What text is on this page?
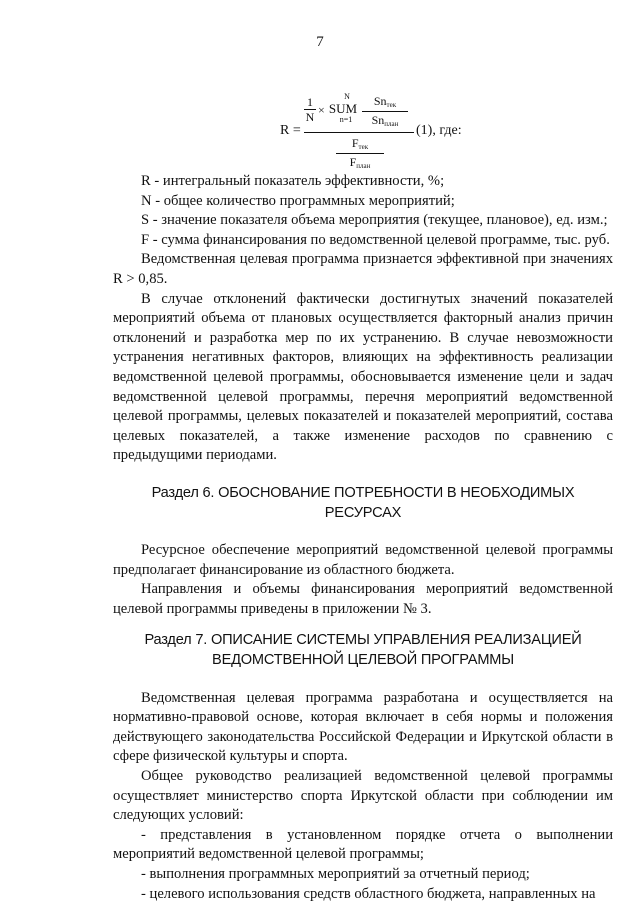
7
R =
1
N ×
N
SUM
n=1
$Sn_{тек}$
$Sn_{план}$
$F_{тек}$
$F_{план}$
(1), где:

R - интегральный показатель эффективности, %;

N - общее количество программных мероприятий;

S - значение показателя объема мероприятия (текущее, плановое), ед. изм.;

F - сумма финансирования по ведомственной целевой программе, тыс. руб.

Ведомственная целевая программа признается эффективной при значениях R > 0,85.

В случае отклонений фактически достигнутых значений показателей мероприятий объема от плановых осуществляется факторный анализ причин отклонений и разработка мер по их устранению. В случае невозможности устранения негативных факторов, влияющих на эффективность реализации ведомственной целевой программы, обосновывается изменение цели и задач ведомственной целевой программы, перечня мероприятий ведомственной целевой программы, целевых показателей и показателей мероприятий, состава целевых показателей, а также изменение расходов по сравнению с предыдущими периодами.

Раздел 6. ОБОСНОВАНИЕ ПОТРЕБНОСТИ В НЕОБХОДИМЫХ
РЕСУРСАХ

Ресурсное обеспечение мероприятий ведомственной целевой программы предполагает финансирование из областного бюджета.

Направления и объемы финансирования мероприятий ведомственной целевой программы приведены в приложении № 3.

Раздел 7. ОПИСАНИЕ СИСТЕМЫ УПРАВЛЕНИЯ РЕАЛИЗАЦИЕЙ
ВЕДОМСТВЕННОЙ ЦЕЛЕВОЙ ПРОГРАММЫ

Ведомственная целевая программа разработана и осуществляется на нормативно-правовой основе, которая включает в себя нормы и положения действующего законодательства Российской Федерации и Иркутской области в сфере физической культуры и спорта.

Общее руководство реализацией ведомственной целевой программы осуществляет министерство спорта Иркутской области при соблюдении им следующих условий:

- представления в установленном порядке отчета о выполнении мероприятий ведомственной целевой программы;

- выполнения программных мероприятий за отчетный период;

- целевого использования средств областного бюджета, направленных на
